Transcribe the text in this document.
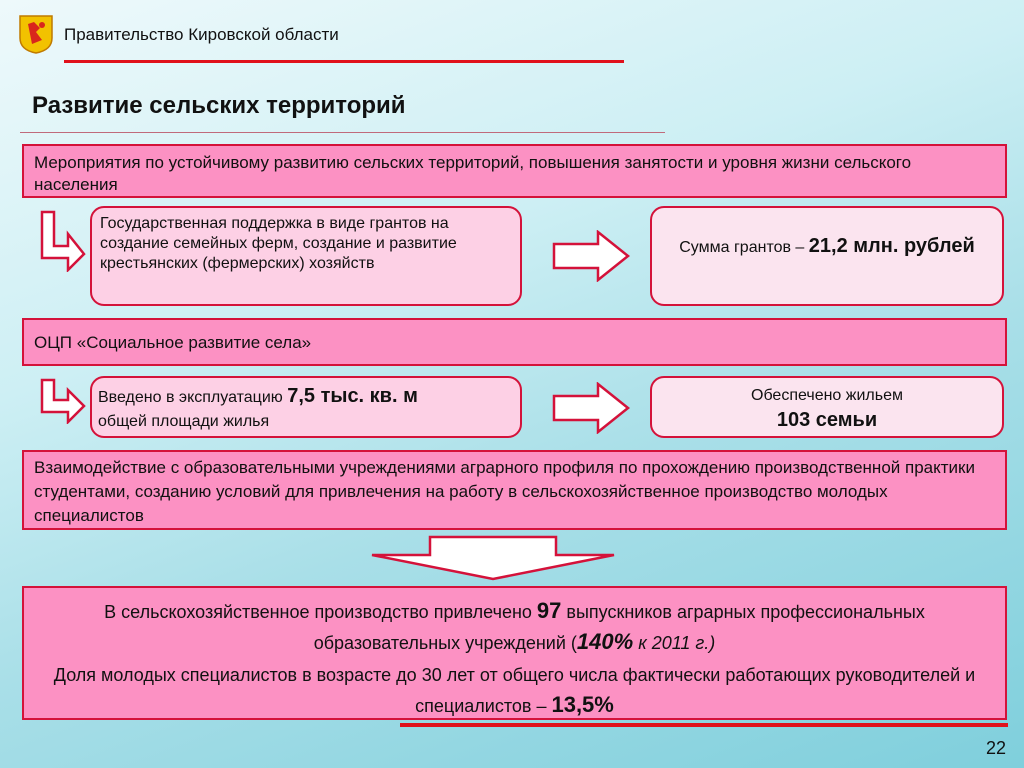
Правительство Кировской области
Развитие сельских территорий
Мероприятия по устойчивому развитию сельских территорий, повышения занятости и уровня жизни сельского населения
Государственная поддержка в виде грантов на создание семейных ферм, создание и развитие крестьянских (фермерских) хозяйств
Сумма грантов – 21,2 млн. рублей
ОЦП «Социальное развитие села»
Введено в эксплуатацию 7,5 тыс. кв. м
общей площади жилья
Обеспечено жильем
103 семьи
Взаимодействие с образовательными учреждениями аграрного профиля по прохождению производственной практики студентами, созданию условий для привлечения на работу в сельскохозяйственное производство молодых специалистов
В сельскохозяйственное производство привлечено 97 выпускников аграрных профессиональных образовательных учреждений (140% к 2011 г.)
Доля молодых специалистов в возрасте до 30 лет от общего числа фактически работающих руководителей и специалистов – 13,5%
22
